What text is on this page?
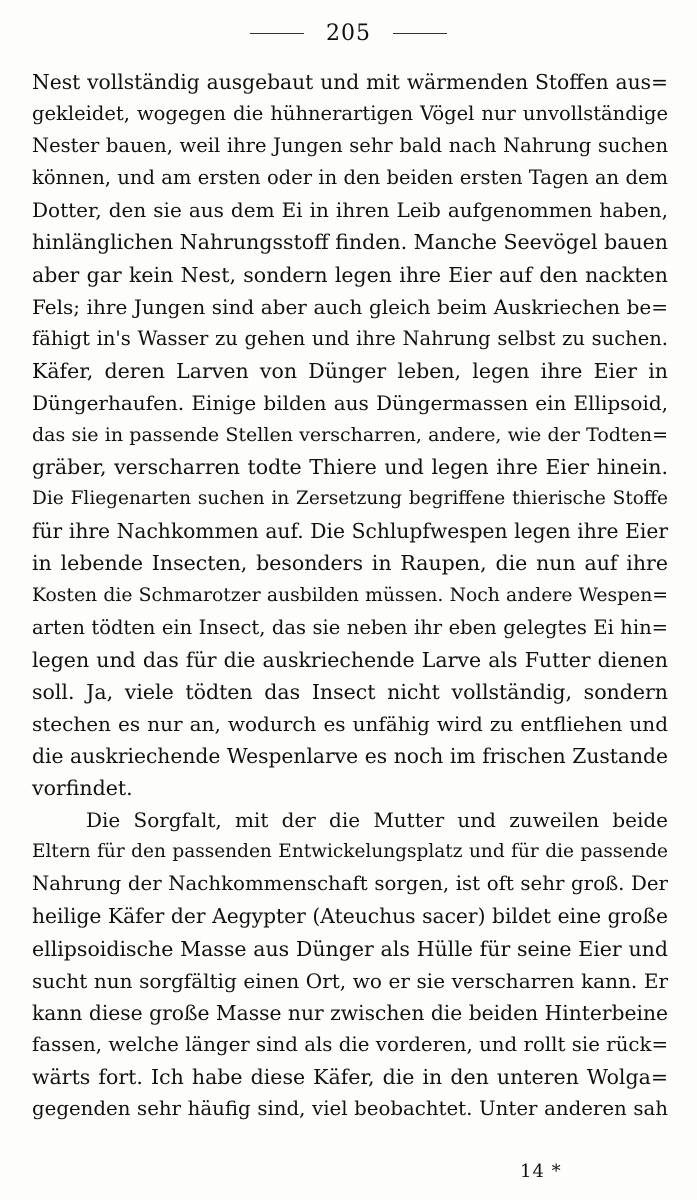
205
Nest vollständig ausgebaut und mit wärmenden Stoffen aus=
gekleidet, wogegen die hühnerartigen Vögel nur unvollständige
Nester bauen, weil ihre Jungen sehr bald nach Nahrung suchen
können, und am ersten oder in den beiden ersten Tagen an dem
Dotter, den sie aus dem Ei in ihren Leib aufgenommen haben,
hinlänglichen Nahrungsstoff finden. Manche Seevögel bauen
aber gar kein Nest, sondern legen ihre Eier auf den nackten
Fels; ihre Jungen sind aber auch gleich beim Auskriechen be=
fähigt in's Wasser zu gehen und ihre Nahrung selbst zu suchen.
Käfer, deren Larven von Dünger leben, legen ihre Eier in
Düngerhaufen. Einige bilden aus Düngermassen ein Ellipsoid,
das sie in passende Stellen verscharren, andere, wie der Todten=
gräber, verscharren todte Thiere und legen ihre Eier hinein.
Die Fliegenarten suchen in Zersetzung begriffene thierische Stoffe
für ihre Nachkommen auf. Die Schlupfwespen legen ihre Eier
in lebende Insecten, besonders in Raupen, die nun auf ihre
Kosten die Schmarotzer ausbilden müssen. Noch andere Wespen=
arten tödten ein Insect, das sie neben ihr eben gelegtes Ei hin=
legen und das für die auskriechende Larve als Futter dienen
soll. Ja, viele tödten das Insect nicht vollständig, sondern
stechen es nur an, wodurch es unfähig wird zu entfliehen und
die auskriechende Wespenlarve es noch im frischen Zustande
vorfindet.
Die Sorgfalt, mit der die Mutter und zuweilen beide
Eltern für den passenden Entwickelungsplatz und für die passende
Nahrung der Nachkommenschaft sorgen, ist oft sehr groß. Der
heilige Käfer der Aegypter (Ateuchus sacer) bildet eine große
ellipsoidische Masse aus Dünger als Hülle für seine Eier und
sucht nun sorgfältig einen Ort, wo er sie verscharren kann. Er
kann diese große Masse nur zwischen die beiden Hinterbeine
fassen, welche länger sind als die vorderen, und rollt sie rück=
wärts fort. Ich habe diese Käfer, die in den unteren Wolga=
gegenden sehr häufig sind, viel beobachtet. Unter anderen sah
14 *
